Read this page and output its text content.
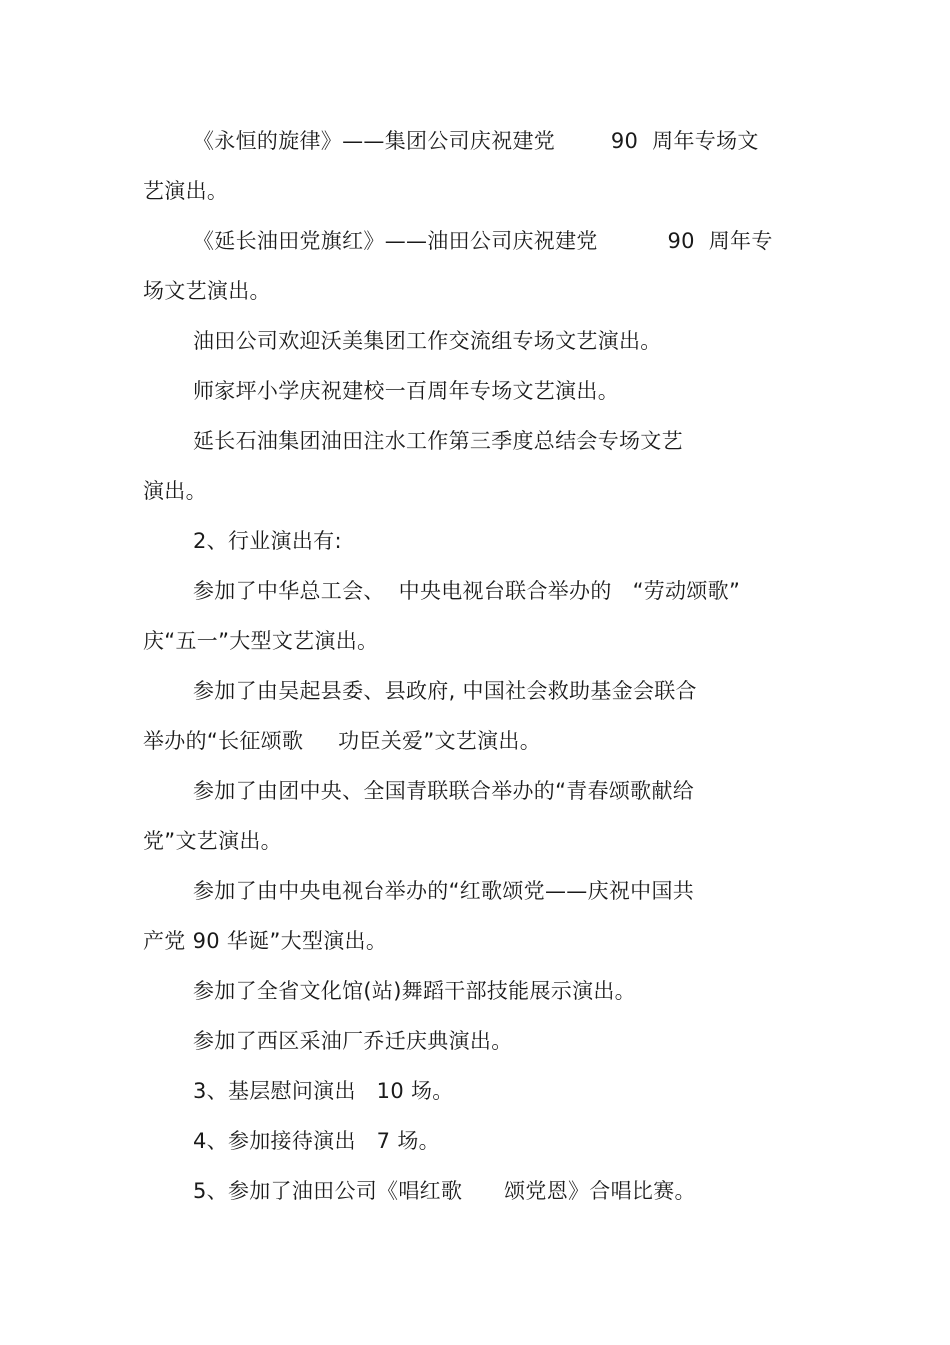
《永恒的旋律》——集团公司庆祝建党        90  周年专场文
艺演出。
《延长油田党旗红》——油田公司庆祝建党          90  周年专
场文艺演出。
油田公司欢迎沃美集团工作交流组专场文艺演出。
师家坪小学庆祝建校一百周年专场文艺演出。
延长石油集团油田注水工作第三季度总结会专场文艺
演出。
2、行业演出有:
参加了中华总工会、  中央电视台联合举办的   “劳动颂歌”
庆“五一”大型文艺演出。
参加了由吴起县委、县政府, 中国社会救助基金会联合
举办的“长征颂歌     功臣关爱”文艺演出。
参加了由团中央、全国青联联合举办的“青春颂歌献给
党”文艺演出。
参加了由中央电视台举办的“红歌颂党——庆祝中国共
产党 90 华诞”大型演出。
参加了全省文化馆(站)舞蹈干部技能展示演出。
参加了西区采油厂乔迁庆典演出。
3、基层慰问演出   10 场。
4、参加接待演出   7 场。
5、参加了油田公司《唱红歌      颂党恩》合唱比赛。
